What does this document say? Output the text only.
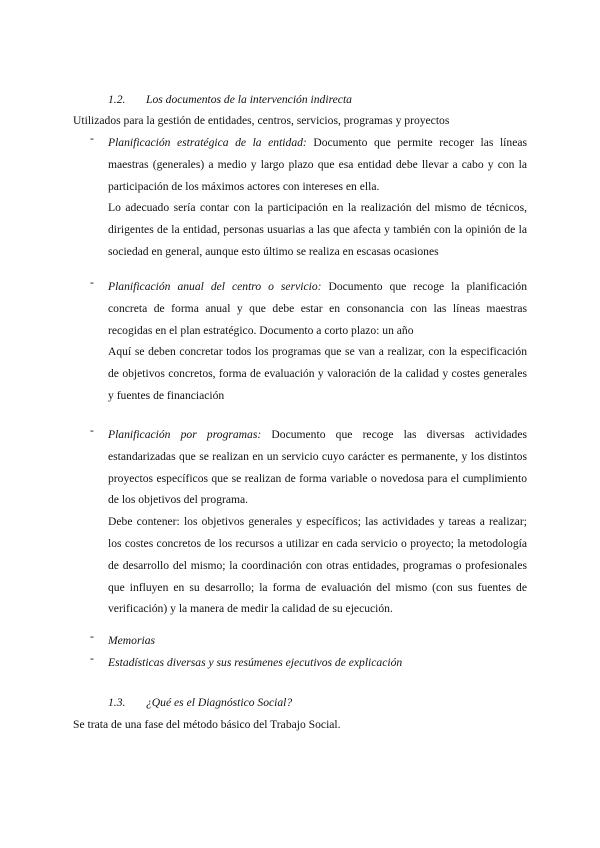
1.2. Los documentos de la intervención indirecta
Utilizados para la gestión de entidades, centros, servicios, programas y proyectos
- Planificación estratégica de la entidad: Documento que permite recoger las líneas maestras (generales) a medio y largo plazo que esa entidad debe llevar a cabo y con la participación de los máximos actores con intereses en ella.

Lo adecuado sería contar con la participación en la realización del mismo de técnicos, dirigentes de la entidad, personas usuarias a las que afecta y también con la opinión de la sociedad en general, aunque esto último se realiza en escasas ocasiones

- Planificación anual del centro o servicio: Documento que recoge la planificación concreta de forma anual y que debe estar en consonancia con las líneas maestras recogidas en el plan estratégico. Documento a corto plazo: un año

Aquí se deben concretar todos los programas que se van a realizar, con la especificación de objetivos concretos, forma de evaluación y valoración de la calidad y costes generales y fuentes de financiación

- Planificación por programas: Documento que recoge las diversas actividades estandarizadas que se realizan en un servicio cuyo carácter es permanente, y los distintos proyectos específicos que se realizan de forma variable o novedosa para el cumplimiento de los objetivos del programa.

Debe contener: los objetivos generales y específicos; las actividades y tareas a realizar; los costes concretos de los recursos a utilizar en cada servicio o proyecto; la metodología de desarrollo del mismo; la coordinación con otras entidades, programas o profesionales que influyen en su desarrollo; la forma de evaluación del mismo (con sus fuentes de verificación) y la manera de medir la calidad de su ejecución.

- Memorias

- Estadísticas diversas y sus resúmenes ejecutivos de explicación

1.3. ¿Qué es el Diagnóstico Social?
Se trata de una fase del método básico del Trabajo Social.
